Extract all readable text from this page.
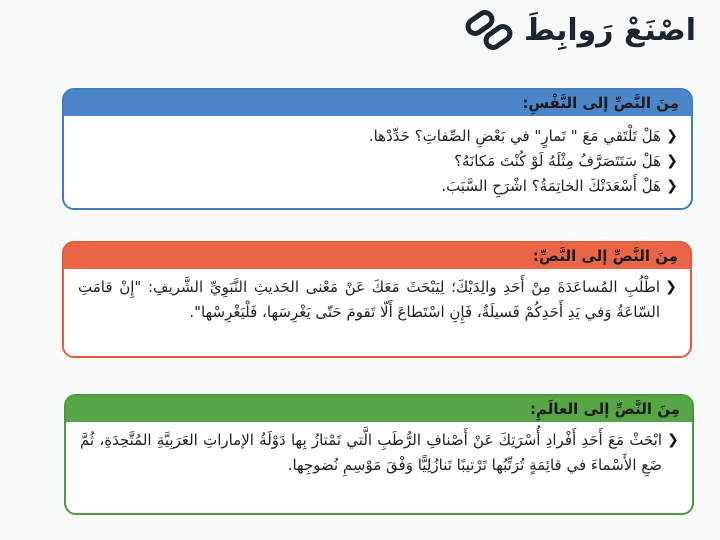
اصْنَعْ رَوابِطَ
مِنَ النَّصِّ إلى النَّفْسِ:
❮
هَلْ تَلْتَقي مَعَ " تَمارٍ" في بَعْضِ الصِّفاتِ؟ حَدِّدْها.
❮
هَلْ سَتَتَصَرَّفُ مِثْلَهُ لَوْ كُنْتَ مَكانَهُ؟
❮
هَلْ أَسْعَدَتْكَ الخاتِمَةُ؟ اشْرَحِ السَّبَبَ.
مِنَ النَّصِّ إلى النَّصِّ:
❮
اطْلُبِ المُساعَدَةَ مِنْ أَحَدِ والِدَيْكَ؛ لِيَبْحَثَ مَعَكَ عَنْ مَعْنى الحَديثِ النَّبَوِيِّ الشَّريفِ: "إِنْ قامَتِ السّاعَةُ وَفي يَدِ أَحَدِكُمْ فَسيلَةٌ، فَإِنِ اسْتَطاعَ أَلّا تَقومَ حَتّى يَغْرِسَها، فَلْيَغْرِسْها".
مِنَ النَّصِّ إلى العالَمِ:
❮
ابْحَثْ مَعَ أَحَدِ أَفْرادِ أُسْرَتِكَ عَنْ أَصْنافِ الرُّطَبِ الَّتي تَمْتازُ بِها دَوْلَةُ الإماراتِ العَرَبِيَّةِ المُتَّحِدَةِ، ثُمَّ ضَعِ الأَسْماءَ في قائِمَةٍ تُرَتِّبُها تَرْتيبًا تَنازُلِيًّا وَفْقَ مَوْسِمِ نُضوجِها.
